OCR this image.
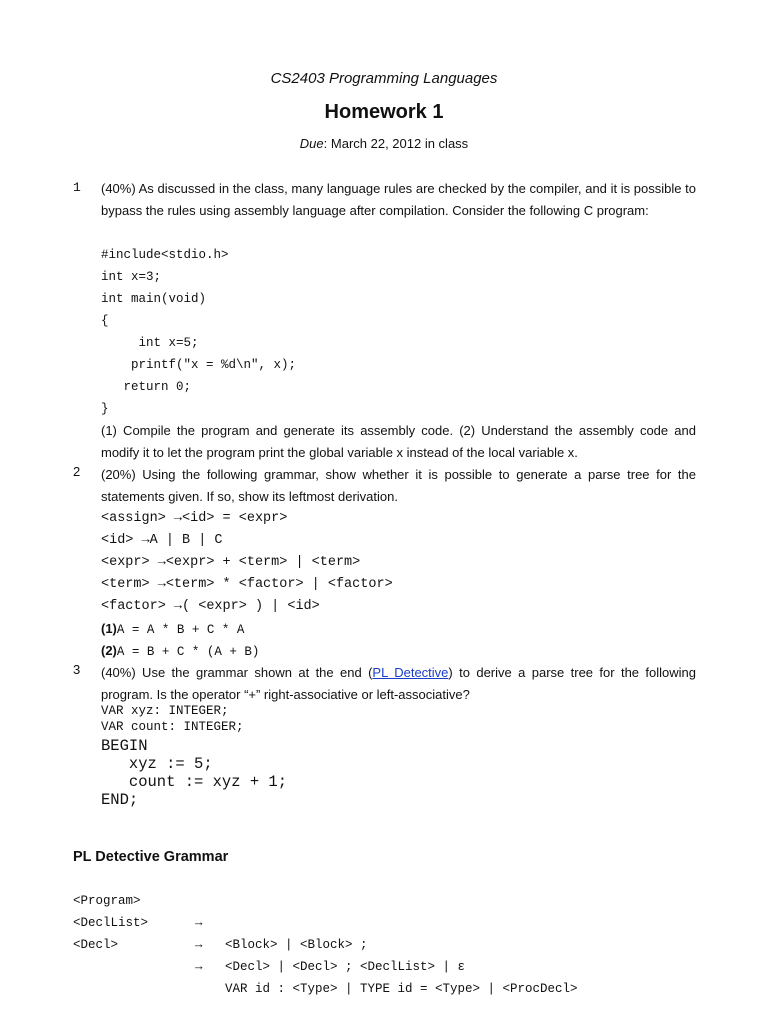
CS2403 Programming Languages
Homework 1
Due: March 22, 2012 in class
1 (40%) As discussed in the class, many language rules are checked by the compiler, and it is possible to bypass the rules using assembly language after compilation. Consider the following C program:
#include<stdio.h>
int x=3;
int main(void)
{
int x=5;
printf("x = %d\n", x);
return 0;
}
(1) Compile the program and generate its assembly code. (2) Understand the assembly code and modify it to let the program print the global variable x instead of the local variable x.
2 (20%) Using the following grammar, show whether it is possible to generate a parse tree for the statements given. If so, show its leftmost derivation.
<assign> →<id> = <expr>
<id> →A | B | C
<expr> →<expr> + <term> | <term>
<term> →<term> * <factor> | <factor>
<factor> →( <expr> ) | <id>
(1)A = A * B + C * A
(2)A = B + C * (A + B)
3 (40%) Use the grammar shown at the end (PL Detective) to derive a parse tree for the following program. Is the operator “+” right-associative or left-associative?
VAR xyz: INTEGER;
VAR count: INTEGER;
BEGIN
xyz := 5;
count := xyz + 1;
END;
PL Detective Grammar

<Program>

→

<Block> | <Block> ;

<DeclList>

→

<Decl> | <Decl> ; <DeclList> | ε

<Decl>

→

VAR id : <Type> | TYPE id = <Type> | <ProcDecl>
